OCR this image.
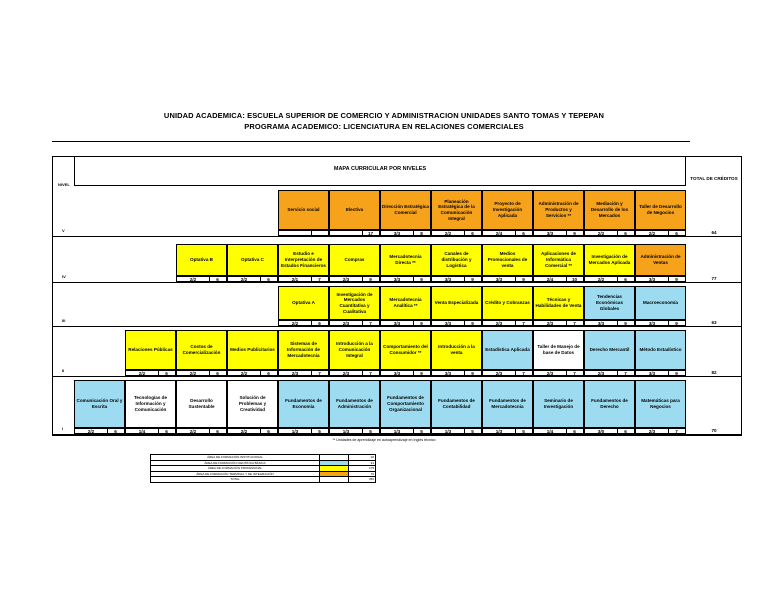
UNIDAD ACADEMICA: ESCUELA SUPERIOR DE COMERCIO Y ADMINISTRACION UNIDADES SANTO TOMAS Y TEPEPAN
PROGRAMA ACADEMICO: LICENCIATURA EN RELACIONES COMERCIALES
MAPA CURRICULAR POR NIVELES
NIVEL
TOTAL DE CRÉDITOS
Servicio social	Electiva
17
Dirección Estratégica Comercial
3/3	8
Planeación Estratégica de la Comunicación Integral
2/2	6
Proyecto de Investigación Aplicada
2/4	6
Administración de Productos y Servicios **
3/3	9
Mediación y Desarrollo de los Mercados
2/2	6
Taller de Desarrollo de Negocios
2/2	6
V	64
Optativa B
2/2	6
Optativa C
2/2	6
Estudio e Interpretación de Estados Financieros
2/1	7
Compras
2/3	9
Mercadotecnia Directa **
3/3	9
Canales de distribución y Logística
3/3	9
Medios Promocionales de venta
3/3	9
Aplicaciones de Informática Comercial **
2/4	10
Investigación de Mercados Aplicada
2/2	6
Administración de Ventas
3/3	9
IV	77
Optativa A
2/2	6
Investigación de Mercados Cuantitativa y Cualitativa
2/3	7
Mercadotecnia Analítica **
3/3	9
Venta Especializada
3/3	9
Crédito y Cobranzas
2/3	7
Técnicas y Habilidades de Venta
2/3	7
Tendencias Económicas Globales
3/3	9
Macroeconomía
3/3	9
III	63
Relaciones Públicas
2/2	6
Costos de Comercialización
2/2	6
Medios Publicitarios
2/2	6
Sistemas de Información de Mercadotecnia
2/3	7
Introducción a la Comunicación Integral
2/3	7
Comportamiento del Consumidor **
3/3	9
Introducción a la venta
3/3	9
Estadística Aplicada
2/3	7
Taller de Manejo de base de Datos
2/3	7
Derecho Mercantil
2/3	7
Método Estadístico
3/3	9
II	82
Comunicación Oral y Escrita
2/2	6
Tecnologías de Información y Comunicación
1/4	6
Desarrollo Sustentable
2/2	6
Solución de Problemas y Creatividad
2/2	6
Fundamentos de Economía
1/3	5
Fundamentos de Administración
1/3	5
Fundamentos de Comportamiento Organizacional
1/3	5
Fundamentos de Contabilidad
1/3	5
Fundamentos de Mercadotecnia
1/3	5
Seminario de Investigación
1/4	6
Fundamentos de Derecho
3/0	6
Matemáticas para Negocios
2/3	7
I	70
** Unidades de aprendizaje en autoaprendizaje en Inglés técnico
ÁREA DE FORMACIÓN INSTITUCIONAL	20
ÁREA DE FORMACIÓN CIENTÍFICA BÁSICA	91
ÁREA DE FORMACIÓN PROFESIONAL	175
ÁREA DE FORMACIÓN TERMINAL Y DE INTEGRACIÓN	70
TOTAL	356
